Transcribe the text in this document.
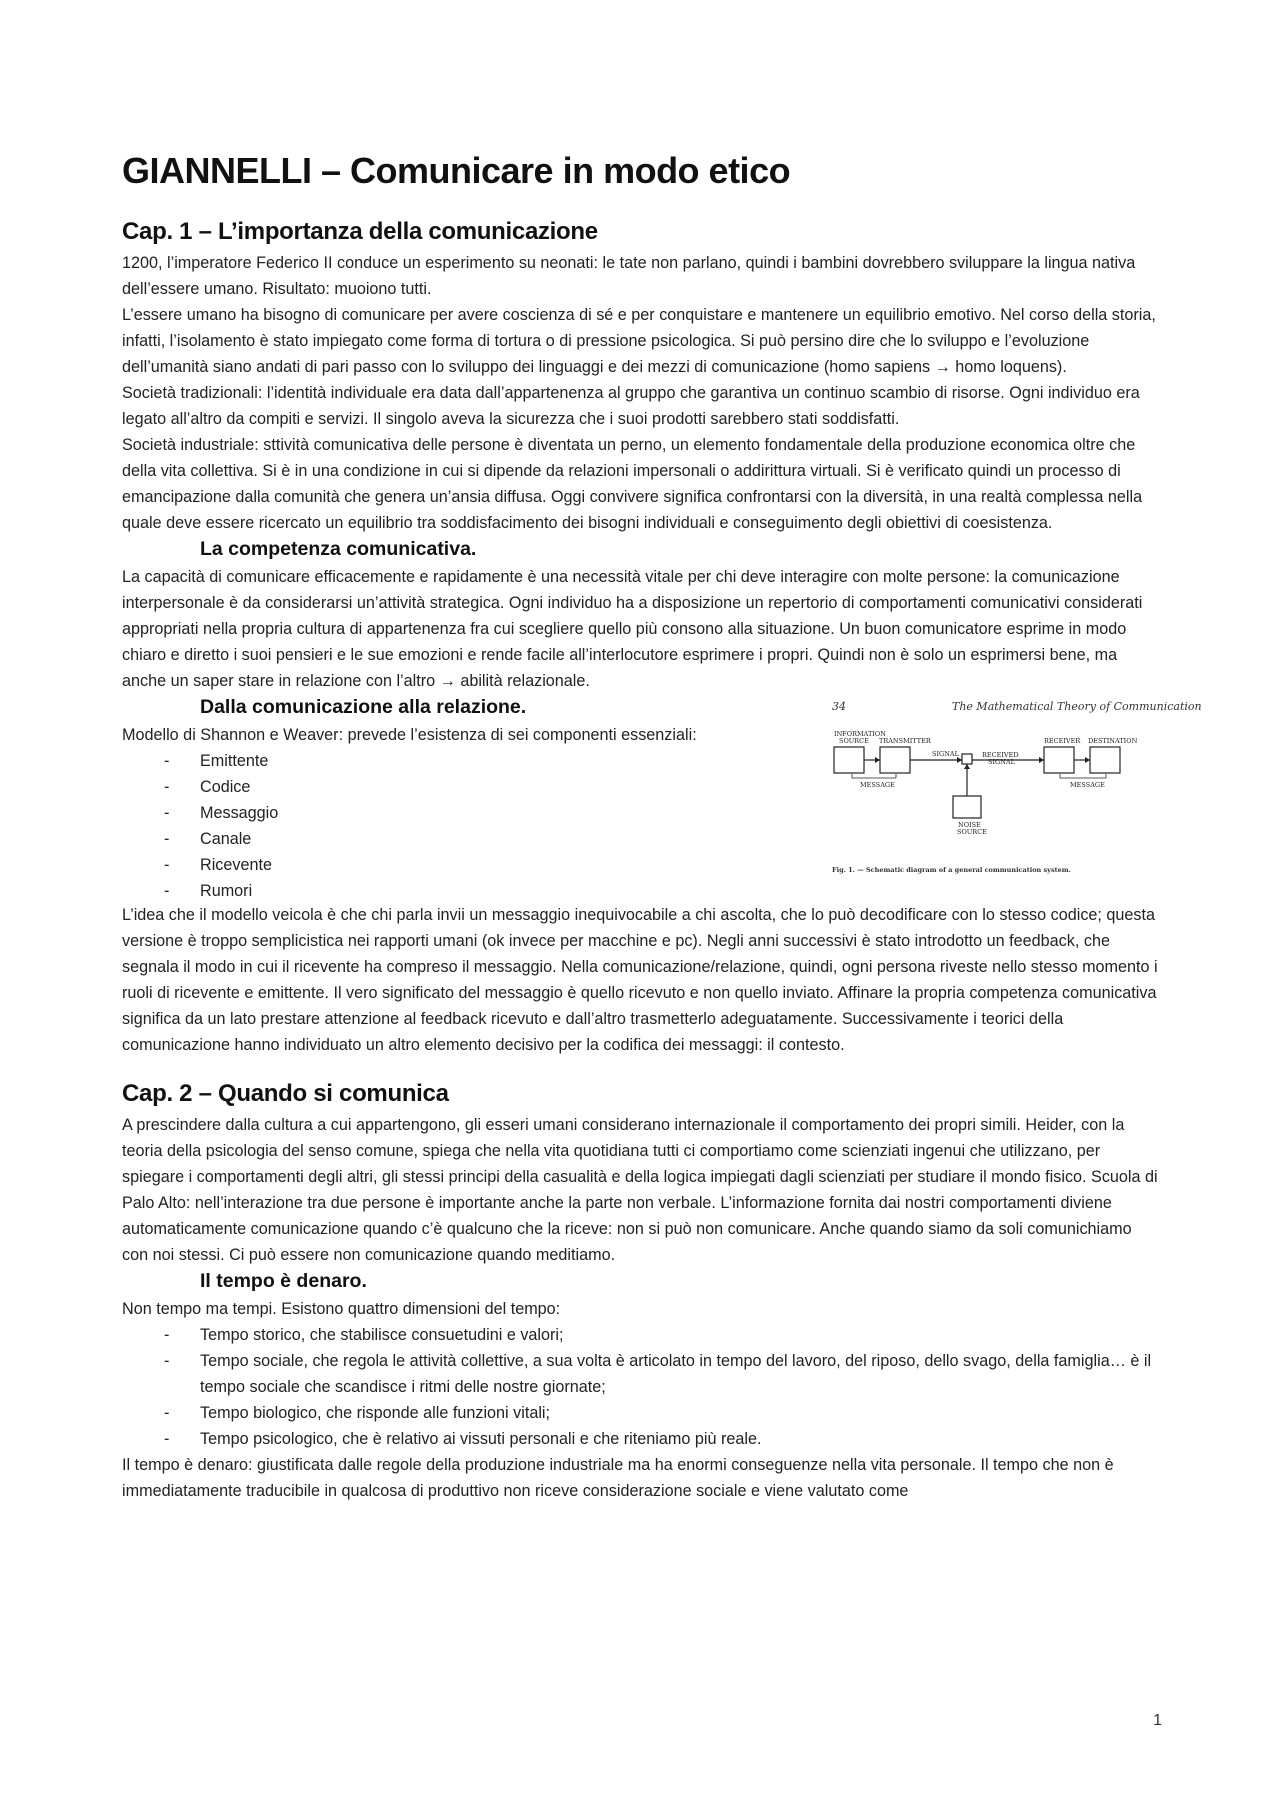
GIANNELLI – Comunicare in modo etico
Cap. 1 – L’importanza della comunicazione

1200, l’imperatore Federico II conduce un esperimento su neonati: le tate non parlano, quindi i bambini dovrebbero sviluppare la lingua nativa dell’essere umano. Risultato: muoiono tutti.

L’essere umano ha bisogno di comunicare per avere coscienza di sé e per conquistare e mantenere un equilibrio emotivo. Nel corso della storia, infatti, l’isolamento è stato impiegato come forma di tortura o di pressione psicologica. Si può persino dire che lo sviluppo e l’evoluzione dell’umanità siano andati di pari passo con lo sviluppo dei linguaggi e dei mezzi di comunicazione (homo sapiens → homo loquens).

Società tradizionali: l’identità individuale era data dall’appartenenza al gruppo che garantiva un continuo scambio di risorse. Ogni individuo era legato all’altro da compiti e servizi. Il singolo aveva la sicurezza che i suoi prodotti sarebbero stati soddisfatti.

Società industriale: sttività comunicativa delle persone è diventata un perno, un elemento fondamentale della produzione economica oltre che della vita collettiva. Si è in una condizione in cui si dipende da relazioni impersonali o addirittura virtuali. Si è verificato quindi un processo di emancipazione dalla comunità che genera un’ansia diffusa. Oggi convivere significa confrontarsi con la diversità, in una realtà complessa nella quale deve essere ricercato un equilibrio tra soddisfacimento dei bisogni individuali e conseguimento degli obiettivi di coesistenza.

La competenza comunicativa.

La capacità di comunicare efficacemente e rapidamente è una necessità vitale per chi deve interagire con molte persone: la comunicazione interpersonale è da considerarsi un’attività strategica. Ogni individuo ha a disposizione un repertorio di comportamenti comunicativi considerati appropriati nella propria cultura di appartenenza fra cui scegliere quello più consono alla situazione. Un buon comunicatore esprime in modo chiaro e diretto i suoi pensieri e le sue emozioni e rende facile all’interlocutore esprimere i propri. Quindi non è solo un esprimersi bene, ma anche un saper stare in relazione con l’altro → abilità relazionale.

Dalla comunicazione alla relazione.

Modello di Shannon e Weaver: prevede l’esistenza di sei componenti essenziali:

- Emittente
- Codice
- Messaggio
- Canale
- Ricevente
- Rumori
34	The Mathematical Theory of Communication
INFORMATION
SOURCE TRANSMITTER	RECEIVER DESTINATION
SIGNAL	RECEIVED
SIGNAL
MESSAGE	MESSAGE
NOISE
SOURCE
Fig. 1. — Schematic diagram of a general communication system.

L’idea che il modello veicola è che chi parla invii un messaggio inequivocabile a chi ascolta, che lo può decodificare con lo stesso codice; questa versione è troppo semplicistica nei rapporti umani (ok invece per macchine e pc). Negli anni successivi è stato introdotto un feedback, che segnala il modo in cui il ricevente ha compreso il messaggio. Nella comunicazione/relazione, quindi, ogni persona riveste nello stesso momento i ruoli di ricevente e emittente. Il vero significato del messaggio è quello ricevuto e non quello inviato. Affinare la propria competenza comunicativa significa da un lato prestare attenzione al feedback ricevuto e dall’altro trasmetterlo adeguatamente. Successivamente i teorici della comunicazione hanno individuato un altro elemento decisivo per la codifica dei messaggi: il contesto.

Cap. 2 – Quando si comunica

A prescindere dalla cultura a cui appartengono, gli esseri umani considerano internazionale il comportamento dei propri simili. Heider, con la teoria della psicologia del senso comune, spiega che nella vita quotidiana tutti ci comportiamo come scienziati ingenui che utilizzano, per spiegare i comportamenti degli altri, gli stessi principi della casualità e della logica impiegati dagli scienziati per studiare il mondo fisico. Scuola di Palo Alto: nell’interazione tra due persone è importante anche la parte non verbale. L’informazione fornita dai nostri comportamenti diviene automaticamente comunicazione quando c’è qualcuno che la riceve: non si può non comunicare. Anche quando siamo da soli comunichiamo con noi stessi. Ci può essere non comunicazione quando meditiamo.

Il tempo è denaro.

Non tempo ma tempi. Esistono quattro dimensioni del tempo:

- Tempo storico, che stabilisce consuetudini e valori;
- Tempo sociale, che regola le attività collettive, a sua volta è articolato in tempo del lavoro, del riposo, dello svago, della famiglia… è il tempo sociale che scandisce i ritmi delle nostre giornate;
- Tempo biologico, che risponde alle funzioni vitali;
- Tempo psicologico, che è relativo ai vissuti personali e che riteniamo più reale.

Il tempo è denaro: giustificata dalle regole della produzione industriale ma ha enormi conseguenze nella vita personale. Il tempo che non è immediatamente traducibile in qualcosa di produttivo non riceve considerazione sociale e viene valutato come

1
